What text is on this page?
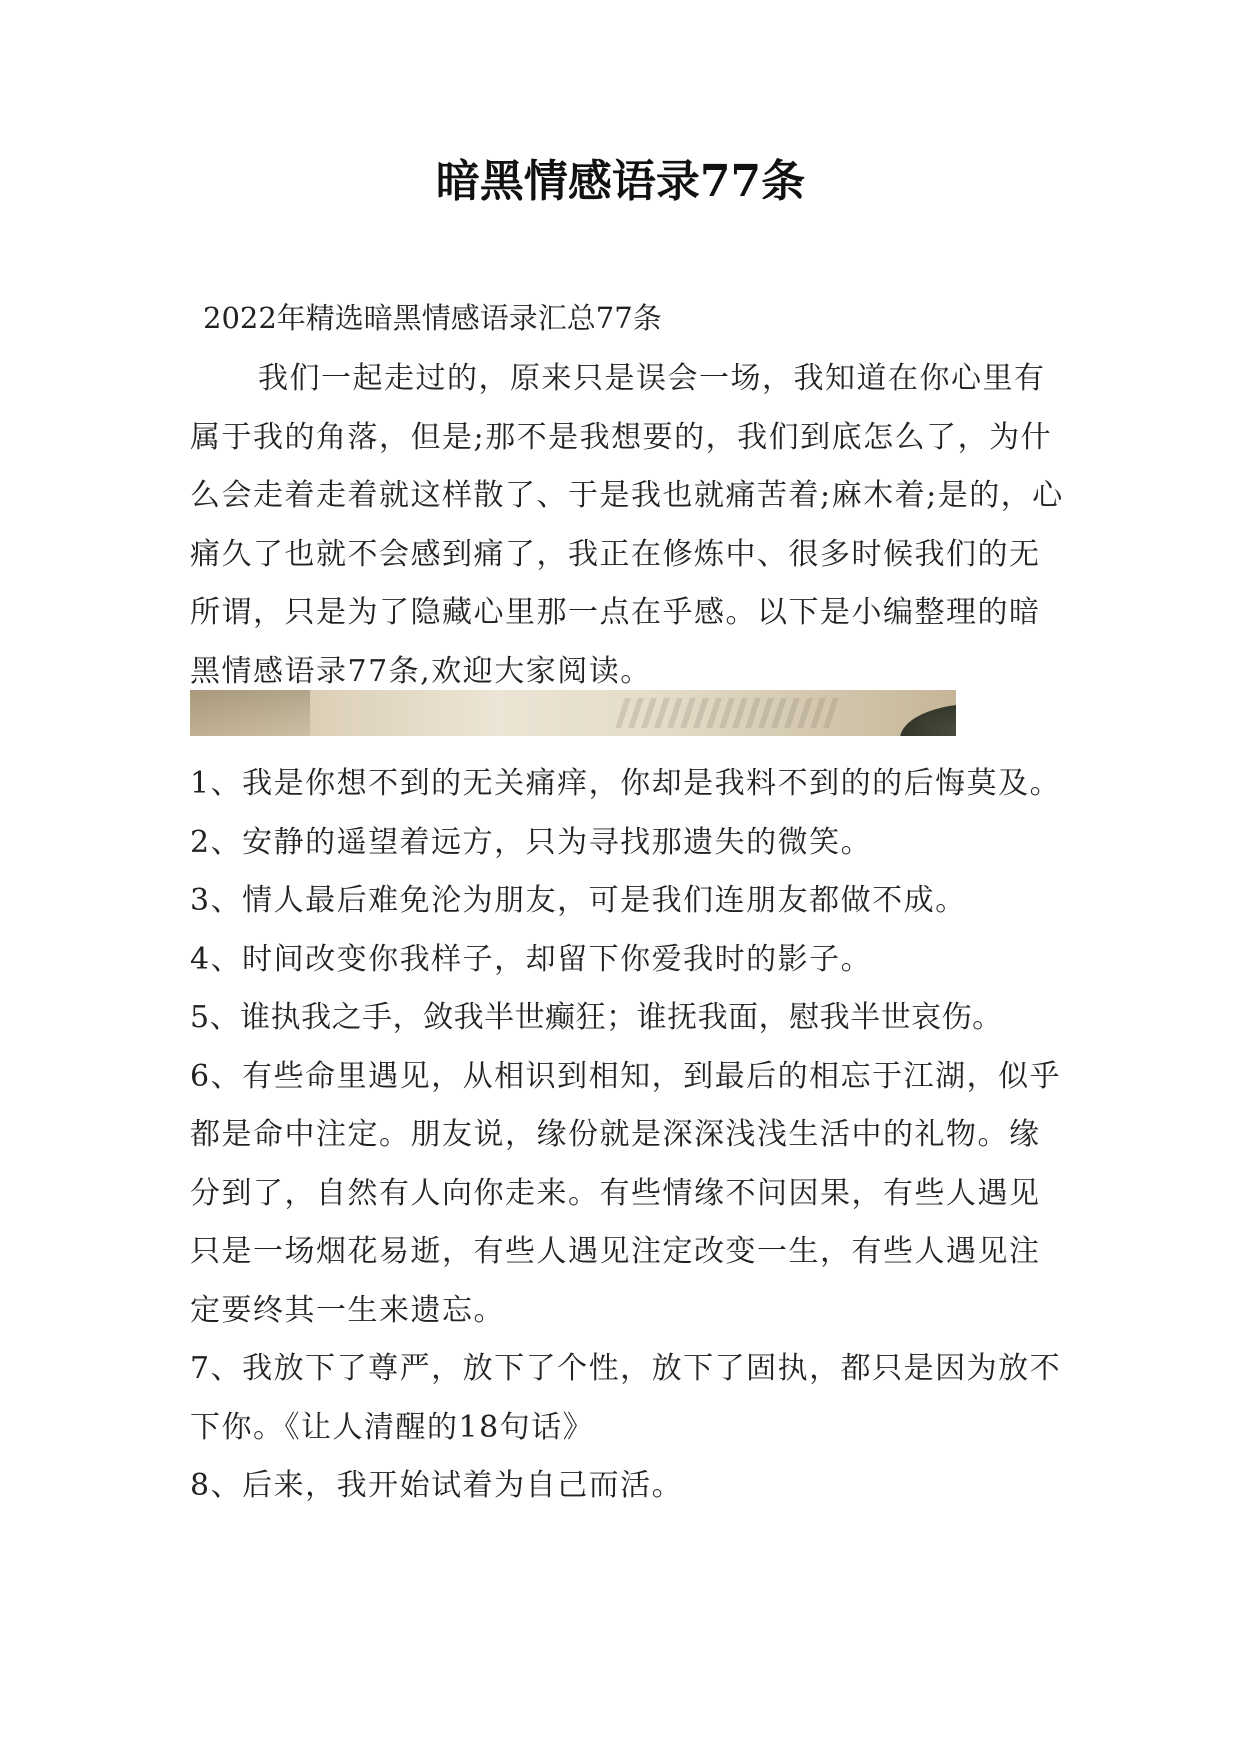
暗黑情感语录77条
2022年精选暗黑情感语录汇总77条

我们一起走过的，原来只是误会一场，我知道在你心里有属于我的角落，但是;那不是我想要的，我们到底怎么了，为什么会走着走着就这样散了、于是我也就痛苦着;麻木着;是的，心痛久了也就不会感到痛了，我正在修炼中、很多时候我们的无所谓，只是为了隐藏心里那一点在乎感。以下是小编整理的暗黑情感语录77条,欢迎大家阅读。

1、我是你想不到的无关痛痒，你却是我料不到的的后悔莫及。

2、安静的遥望着远方，只为寻找那遗失的微笑。

3、情人最后难免沦为朋友，可是我们连朋友都做不成。

4、时间改变你我样子，却留下你爱我时的影子。

5、谁执我之手，敛我半世癫狂；谁抚我面，慰我半世哀伤。

6、有些命里遇见，从相识到相知，到最后的相忘于江湖，似乎都是命中注定。朋友说，缘份就是深深浅浅生活中的礼物。缘分到了，自然有人向你走来。有些情缘不问因果，有些人遇见只是一场烟花易逝，有些人遇见注定改变一生，有些人遇见注定要终其一生来遗忘。

7、我放下了尊严，放下了个性，放下了固执，都只是因为放不下你。《让人清醒的18句话》

8、后来，我开始试着为自己而活。
